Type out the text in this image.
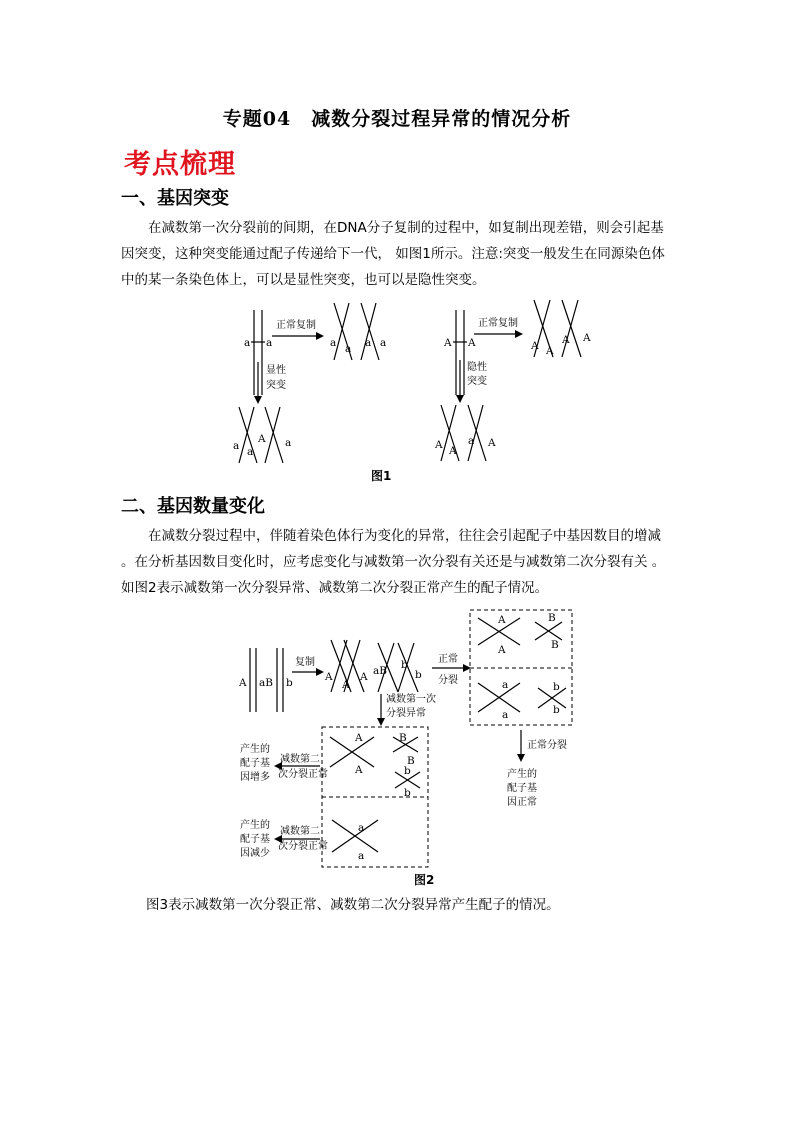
专题04　减数分裂过程异常的情况分析
考点梳理
一、基因突变
在减数第一次分裂前的间期，在DNA分子复制的过程中，如复制出现差错，则会引起基因突变，这种突变能通过配子传递给下一代， 如图1所示。注意:突变一般发生在同源染色体中的某一条染色体上，可以是显性突变，也可以是隐性突变。
二、基因数量变化
在减数分裂过程中，伴随着染色体行为变化的异常，往往会引起配子中基因数目的增减 。在分析基因数目变化时，应考虑变化与减数第一次分裂有关还是与减数第二次分裂有关 。如图2表示减数第一次分裂异常、减数第二次分裂正常产生的配子情况。
图3表示减数第一次分裂正常、减数第二次分裂异常产生配子的情况。
a a
正常复制
a a a a
显性
突变
a a
A a
A A
正常复制
A A
A A
隐性
突变
A A
a A
图1
A aB b
复制
A
A
A aB b
b
正常
分裂
A
A
B
B
a
a
b
b
正常分裂
产生的
配子基
因正常
减数第一次
分裂异常
A
A
B
B
b
b
a
a
产生的
配子基
因增多
减数第二
次分裂正常
产生的
配子基
因减少
减数第二
次分裂正常
图2
